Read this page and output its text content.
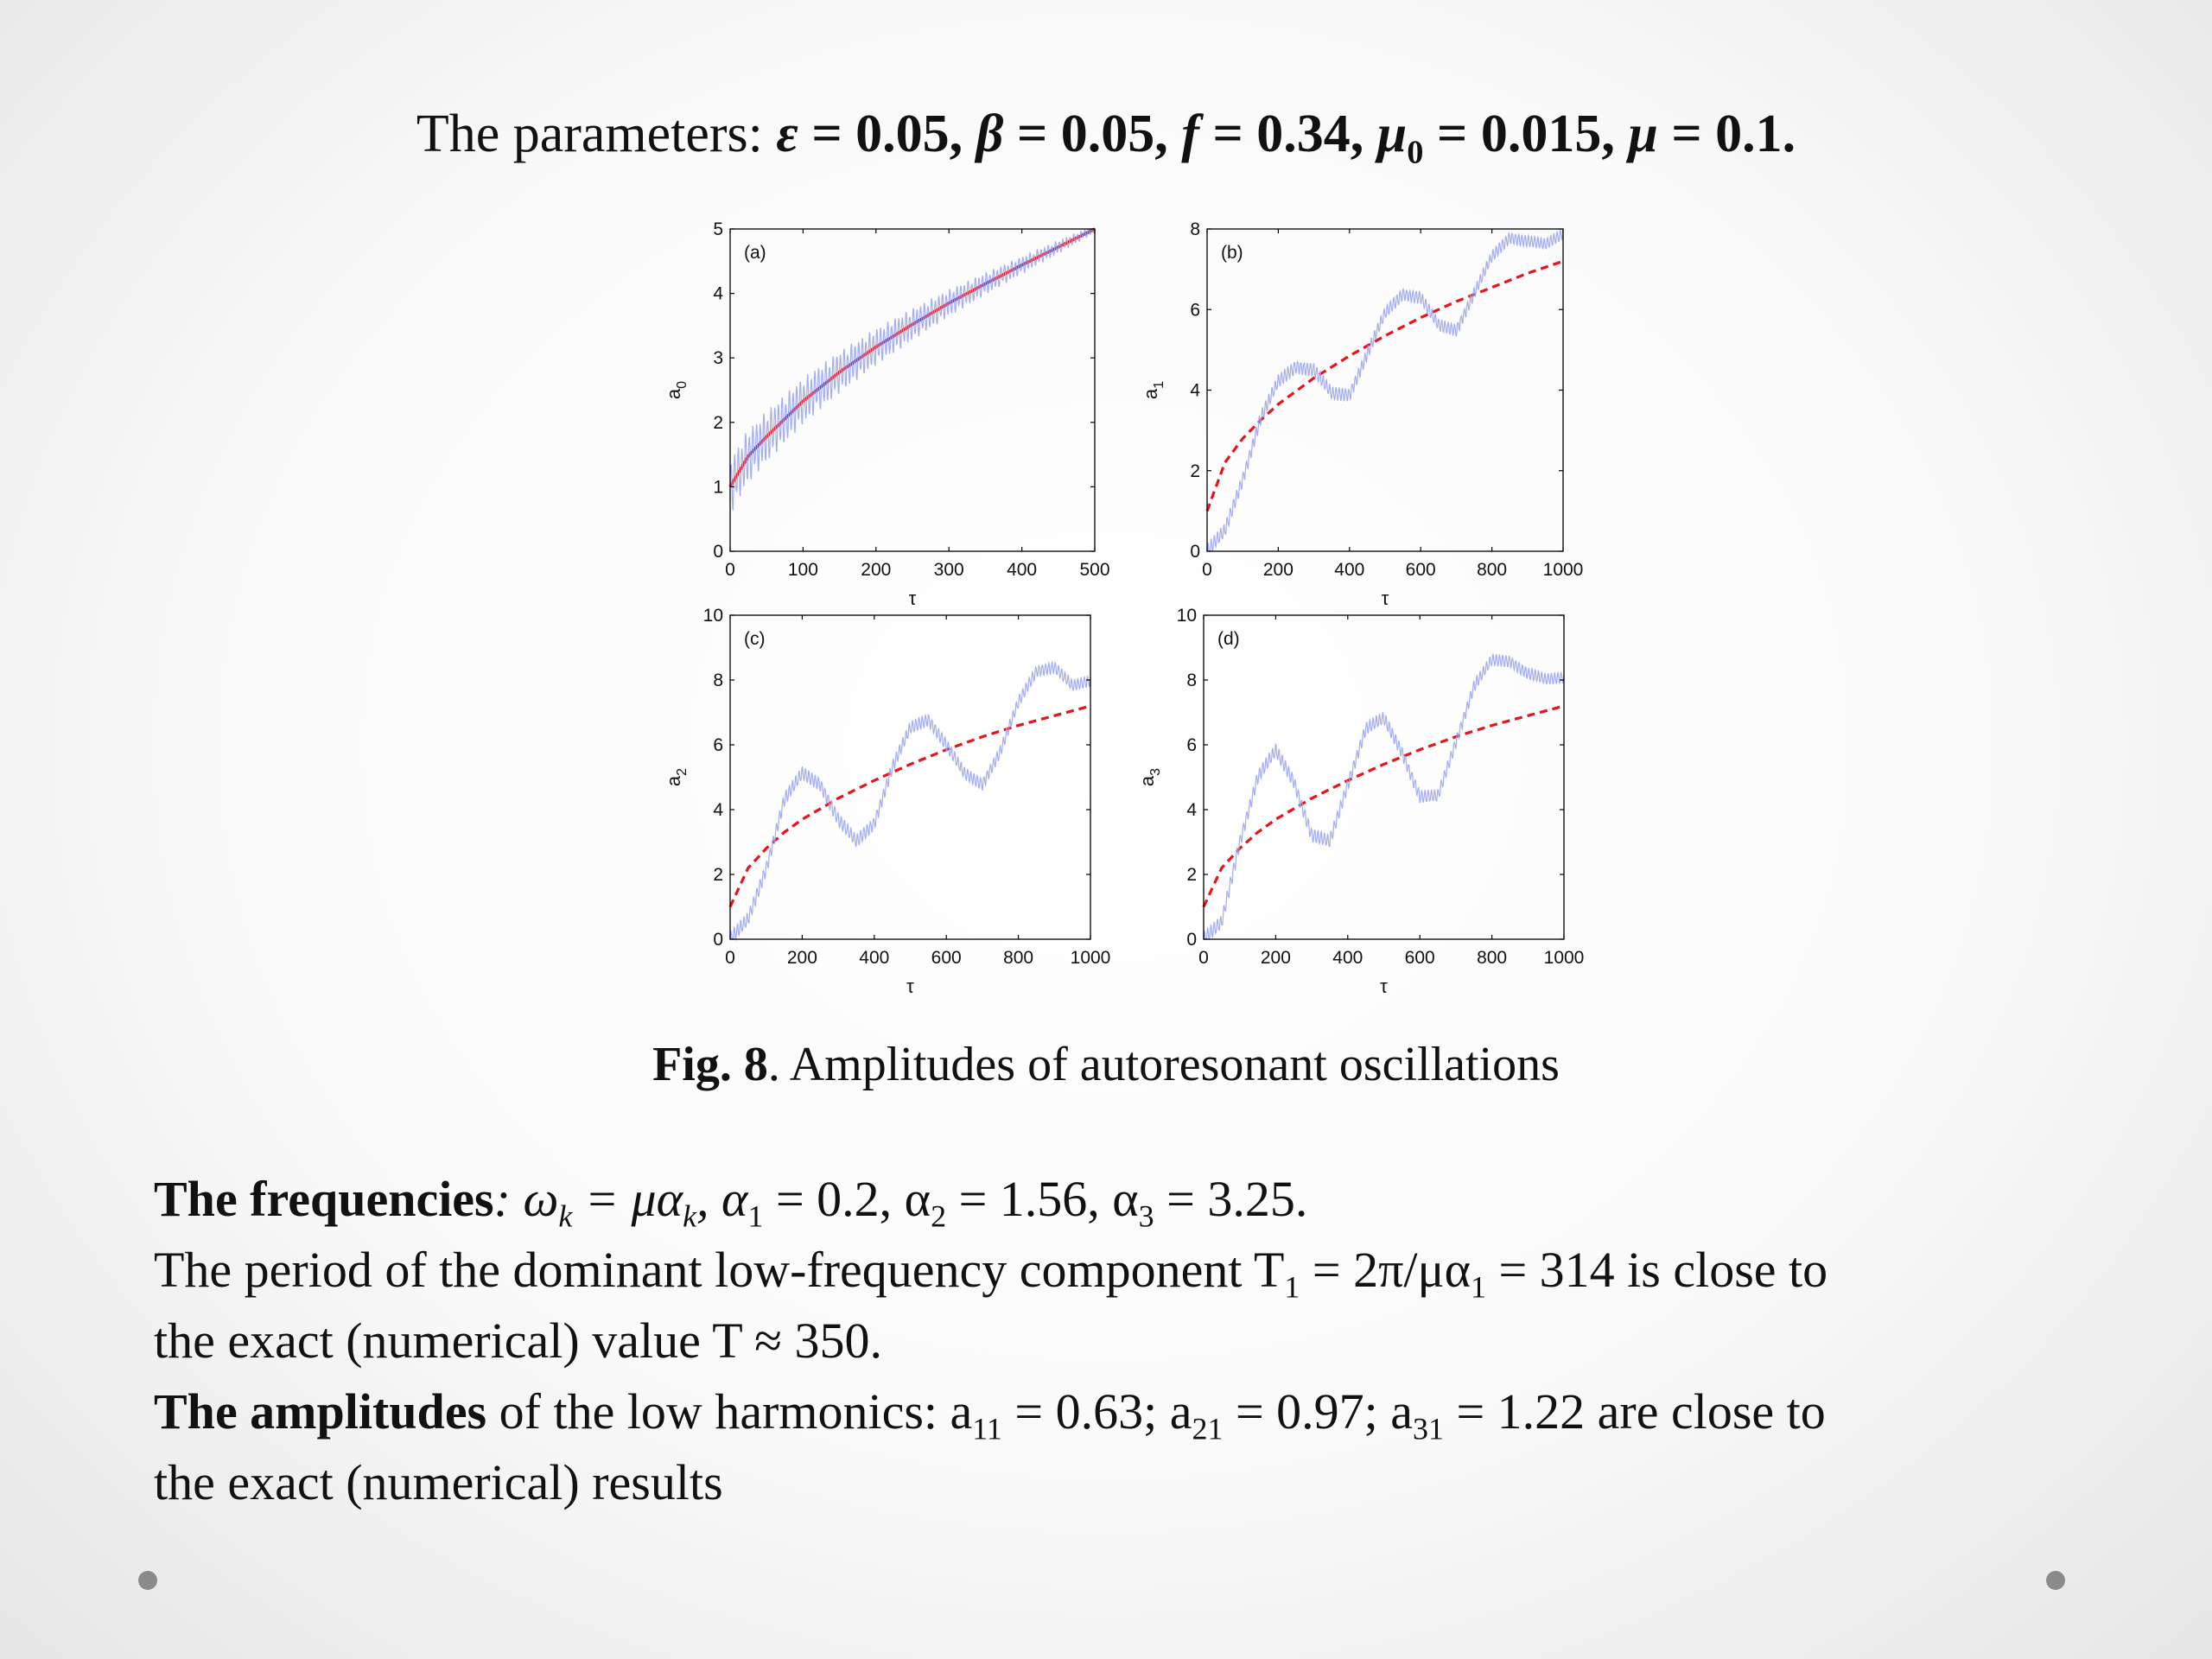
The parameters: ε = 0.05, β = 0.05, f = 0.34, $\mu_0 = 0.015$, μ = 0.1.
0	100 200 300 400 500
0
1
2
3
4
5
(a)
τ
$a_0$
0	200 400 600 800 1000
0
2
4
6
8
(b)
τ
$a_1$
0	200 400 600 800 1000
0
2
4
6
8
10
(c)
τ
$a_2$
0	200 400 600 800 1000
0
2
4
6
8
10
(d)
τ
$a_3$
Fig. 8. Amplitudes of autoresonant oscillations
The frequencies: $\omega_k = \mu\alpha_k$, $\alpha_1 = 0.2$, $\alpha_2 = 1.56$, $\alpha_3 = 3.25$.
The period of the dominant low-frequency component $T_1 = 2\pi/\mu\alpha_1 = 314$ is close to
the exact (numerical) value T ≈ 350.
The amplitudes of the low harmonics: $a_{11} = 0.63$; $a_{21} = 0.97$; $a_{31} = 1.22$ are close to
the exact (numerical) results
